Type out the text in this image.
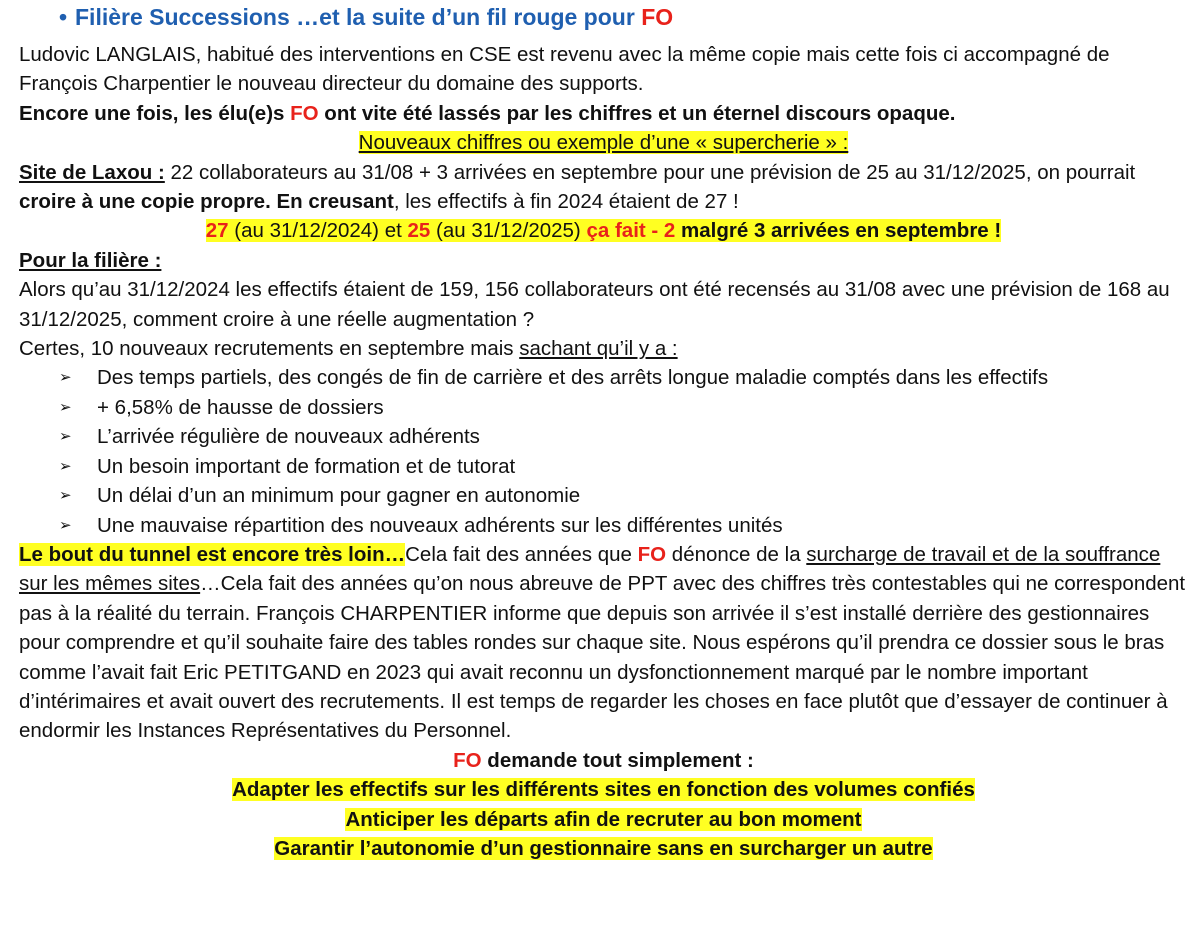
• Filière Successions …et la suite d’un fil rouge pour FO

Ludovic LANGLAIS, habitué des interventions en CSE est revenu avec la même copie mais cette fois ci accompagné de François Charpentier le nouveau directeur du domaine des supports.

Encore une fois, les élu(e)s FO ont vite été lassés par les chiffres et un éternel discours opaque.

Nouveaux chiffres ou exemple d’une « supercherie » :

Site de Laxou : 22 collaborateurs au 31/08 + 3 arrivées en septembre pour une prévision de 25 au 31/12/2025, on pourrait croire à une copie propre. En creusant, les effectifs à fin 2024 étaient de 27 !

27 (au 31/12/2024) et 25 (au 31/12/2025) ça fait - 2 malgré 3 arrivées en septembre !

Pour la filière :

Alors qu’au 31/12/2024 les effectifs étaient de 159, 156 collaborateurs ont été recensés au 31/08 avec une prévision de 168 au 31/12/2025, comment croire à une réelle augmentation ?

Certes, 10 nouveaux recrutements en septembre mais sachant qu’il y a :

➢ Des temps partiels, des congés de fin de carrière et des arrêts longue maladie comptés dans les effectifs
➢ + 6,58% de hausse de dossiers
➢ L’arrivée régulière de nouveaux adhérents
➢ Un besoin important de formation et de tutorat
➢ Un délai d’un an minimum pour gagner en autonomie
➢ Une mauvaise répartition des nouveaux adhérents sur les différentes unités

Le bout du tunnel est encore très loin…Cela fait des années que FO dénonce de la surcharge de travail et de la souffrance sur les mêmes sites…Cela fait des années qu’on nous abreuve de PPT avec des chiffres très contestables qui ne correspondent pas à la réalité du terrain. François CHARPENTIER informe que depuis son arrivée il s’est installé derrière des gestionnaires pour comprendre et qu’il souhaite faire des tables rondes sur chaque site. Nous espérons qu’il prendra ce dossier sous le bras comme l’avait fait Eric PETITGAND en 2023 qui avait reconnu un dysfonctionnement marqué par le nombre important d’intérimaires et avait ouvert des recrutements. Il est temps de regarder les choses en face plutôt que d’essayer de continuer à endormir les Instances Représentatives du Personnel.

FO demande tout simplement :

Adapter les effectifs sur les différents sites en fonction des volumes confiés

Anticiper les départs afin de recruter au bon moment

Garantir l’autonomie d’un gestionnaire sans en surcharger un autre
